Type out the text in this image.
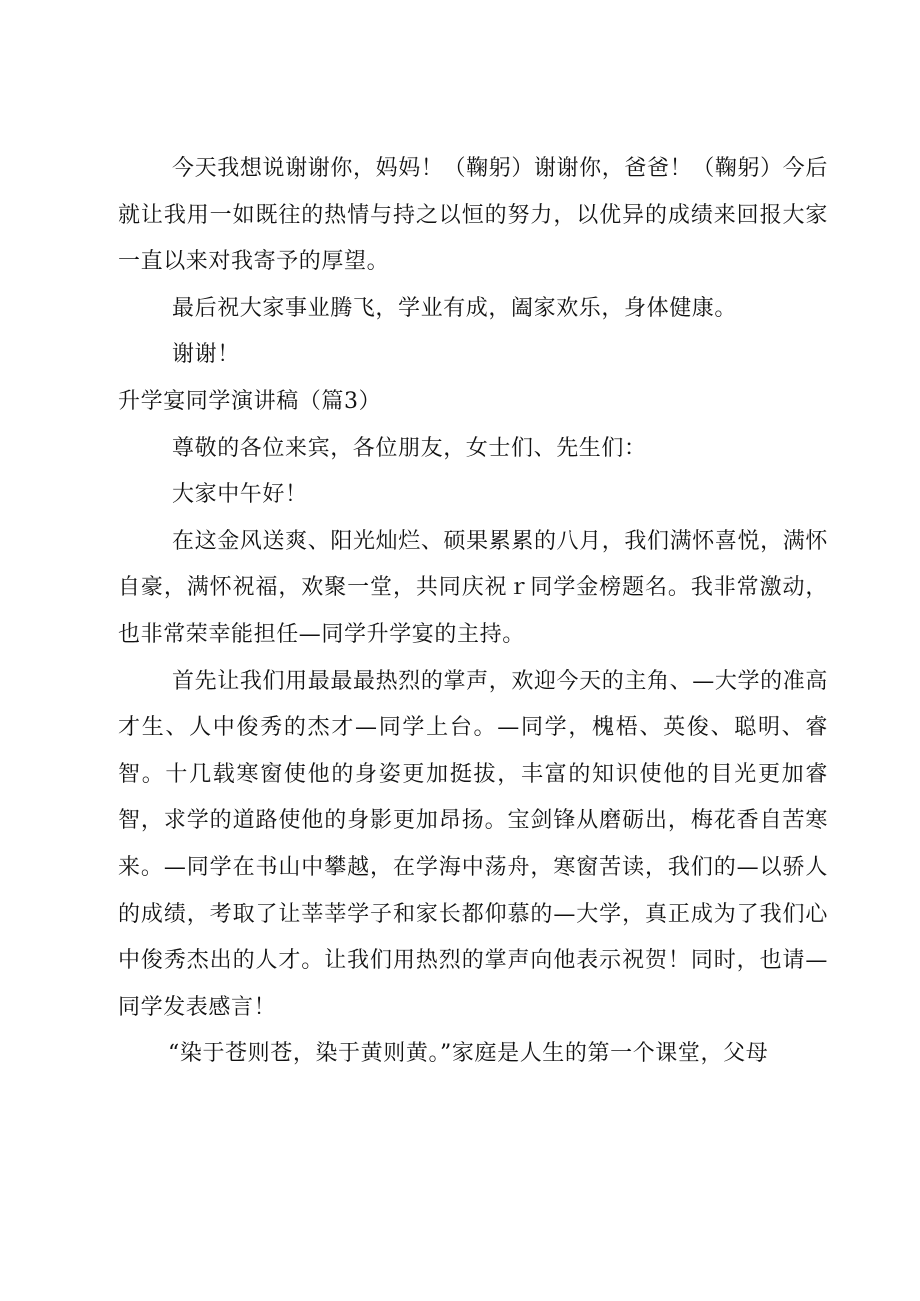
今天我想说谢谢你，妈妈！（鞠躬）谢谢你，爸爸！（鞠躬）今后就让我用一如既往的热情与持之以恒的努力，以优异的成绩来回报大家一直以来对我寄予的厚望。

最后祝大家事业腾飞，学业有成，阖家欢乐，身体健康。

谢谢！

升学宴同学演讲稿（篇3）

尊敬的各位来宾，各位朋友，女士们、先生们：

大家中午好！

在这金风送爽、阳光灿烂、硕果累累的八月，我们满怀喜悦，满怀自豪，满怀祝福，欢聚一堂，共同庆祝ｒ同学金榜题名。我非常激动，也非常荣幸能担任—同学升学宴的主持。

首先让我们用最最最热烈的掌声，欢迎今天的主角、—大学的准高才生、人中俊秀的杰才—同学上台。—同学，槐梧、英俊、聪明、睿智。十几载寒窗使他的身姿更加挺拔，丰富的知识使他的目光更加睿智，求学的道路使他的身影更加昂扬。宝剑锋从磨砺出，梅花香自苦寒来。—同学在书山中攀越，在学海中荡舟，寒窗苦读，我们的—以骄人的成绩，考取了让莘莘学子和家长都仰慕的—大学，真正成为了我们心中俊秀杰出的人才。让我们用热烈的掌声向他表示祝贺！同时，也请—同学发表感言！

“染于苍则苍，染于黄则黄。”家庭是人生的第一个课堂，父母
